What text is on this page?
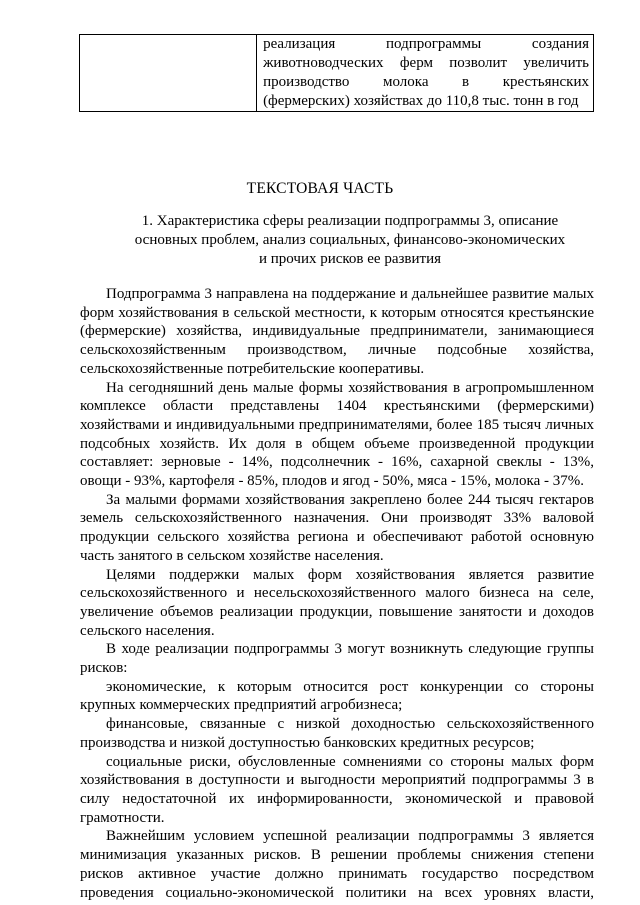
реализация подпрограммы создания
животноводческих ферм позволит увеличить
производство молока в крестьянских
(фермерских) хозяйствах до 110,8 тыс. тонн в год
ТЕКСТОВАЯ ЧАСТЬ
1. Характеристика сферы реализации подпрограммы 3, описание
основных проблем, анализ социальных, финансово-экономических
и прочих рисков ее развития
Подпрограмма 3 направлена на поддержание и дальнейшее развитие малых
форм хозяйствования в сельской местности, к которым относятся крестьянские
(фермерские) хозяйства, индивидуальные предприниматели, занимающиеся
сельскохозяйственным производством, личные подсобные хозяйства,
сельскохозяйственные потребительские кооперативы.
На сегодняшний день малые формы хозяйствования в агропромышленном
комплексе области представлены 1404 крестьянскими (фермерскими)
хозяйствами и индивидуальными предпринимателями, более 185 тысяч личных
подсобных хозяйств. Их доля в общем объеме произведенной продукции
составляет: зерновые - 14%, подсолнечник - 16%, сахарной свеклы - 13%,
овощи - 93%, картофеля - 85%, плодов и ягод - 50%, мяса - 15%, молока - 37%.
За малыми формами хозяйствования закреплено более 244 тысяч гектаров
земель сельскохозяйственного назначения. Они производят 33% валовой
продукции сельского хозяйства региона и обеспечивают работой основную
часть занятого в сельском хозяйстве населения.
Целями поддержки малых форм хозяйствования является развитие
сельскохозяйственного и несельскохозяйственного малого бизнеса на селе,
увеличение объемов реализации продукции, повышение занятости и доходов
сельского населения.
В ходе реализации подпрограммы 3 могут возникнуть следующие группы
рисков:
экономические, к которым относится рост конкуренции со стороны
крупных коммерческих предприятий агробизнеса;
финансовые, связанные с низкой доходностью сельскохозяйственного
производства и низкой доступностью банковских кредитных ресурсов;
социальные риски, обусловленные сомнениями со стороны малых форм
хозяйствования в доступности и выгодности мероприятий подпрограммы 3 в
силу недостаточной их информированности, экономической и правовой
грамотности.
Важнейшим условием успешной реализации подпрограммы 3 является
минимизация указанных рисков. В решении проблемы снижения степени
рисков активное участие должно принимать государство посредством
проведения социально-экономической политики на всех уровнях власти,
